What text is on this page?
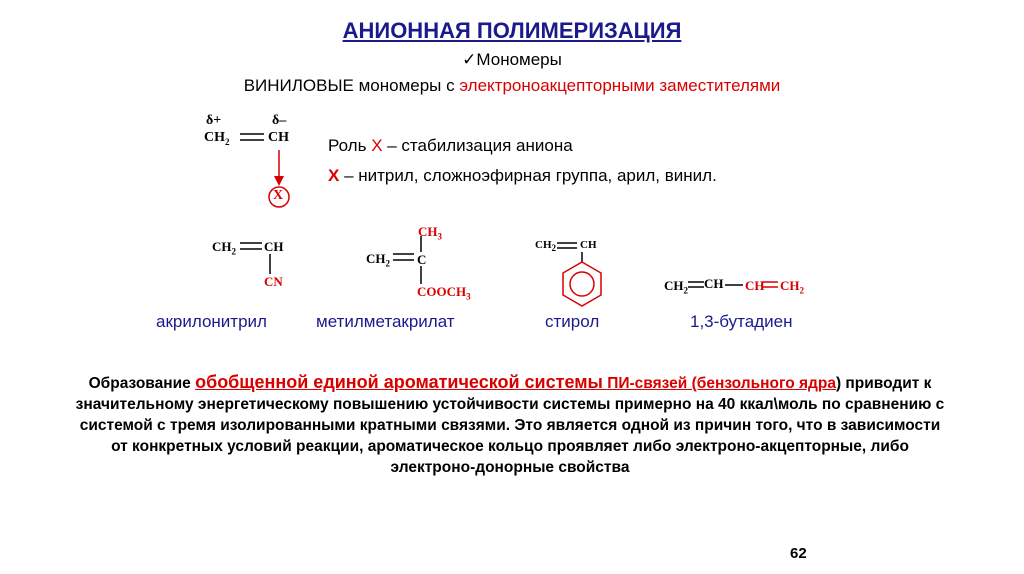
АНИОННАЯ ПОЛИМЕРИЗАЦИЯ
✓Мономеры
ВИНИЛОВЫЕ мономеры с электроноакцепторными заместителями
δ+	δ–
$CH_2$	CH
X
Роль X – стабилизация аниона
X – нитрил, сложноэфирная группа, арил, винил.
$CH_2$ CH
CN
$CH_3$
$CH_2$ C
$COOCH_3$
$CH_2$ CH
$CH_2$ CH CH $CH_2$
акрилонитрил	метилметакрилат	стирол	1,3-бутадиен
Образование обобщенной единой ароматической системы ПИ-связей (бензольного ядра) приводит к значительному энергетическому повышению устойчивости системы примерно на 40 ккал\моль по сравнению с системой с тремя изолированными кратными связями. Это является одной из причин того, что в зависимости от конкретных условий реакции, ароматическое кольцо проявляет либо электроно-акцепторные, либо электроно-донорные свойства
62
